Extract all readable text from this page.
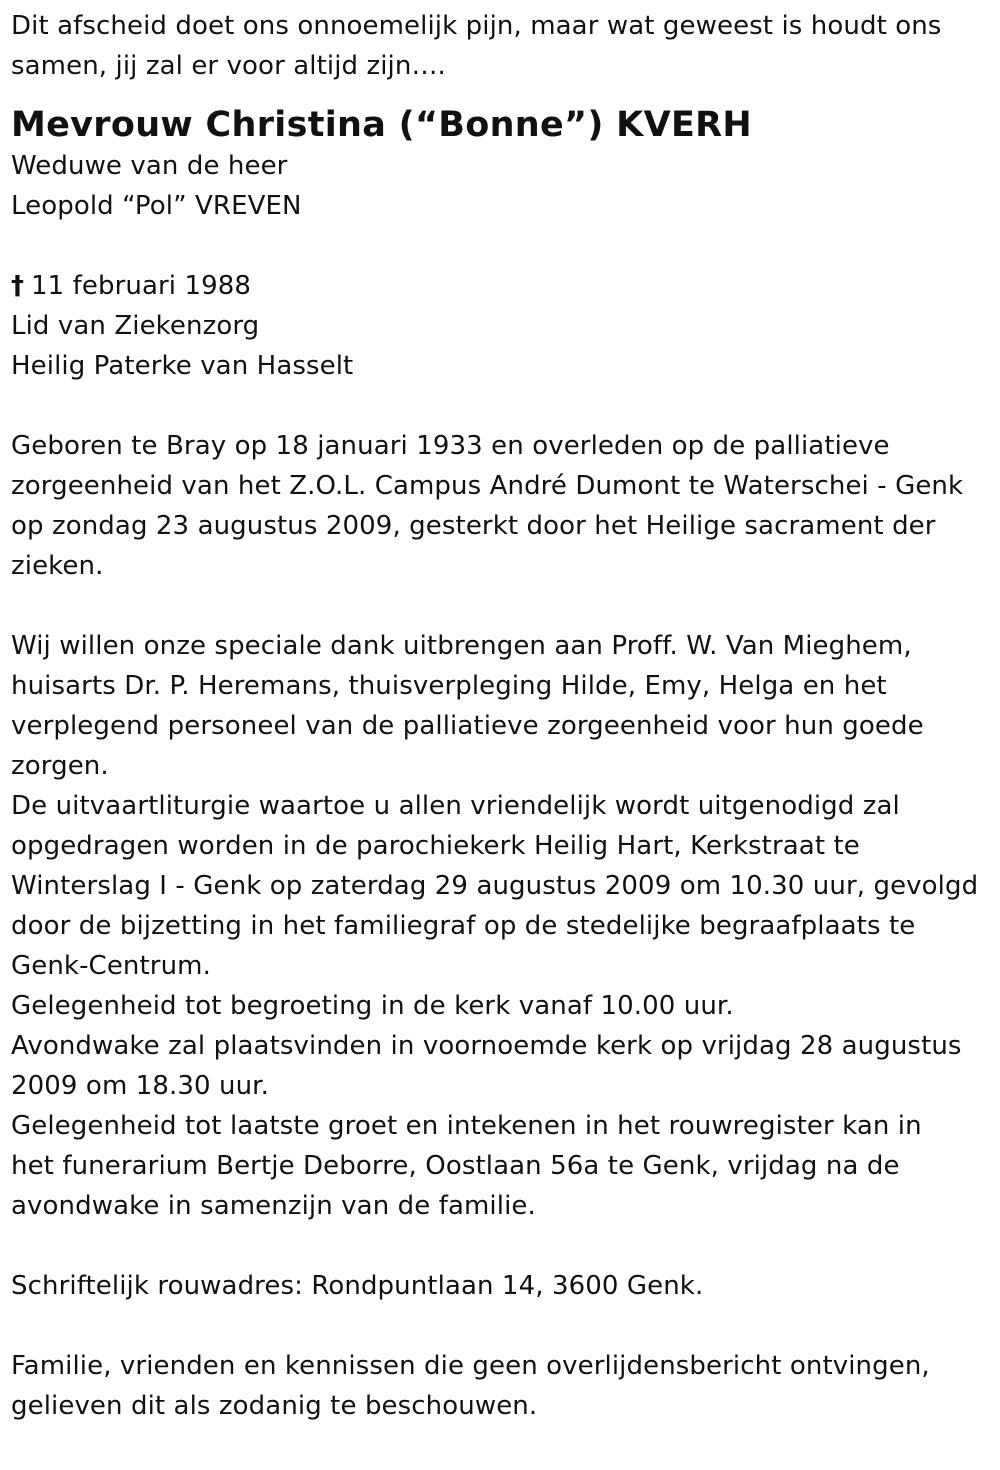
Dit afscheid doet ons onnoemelijk pijn, maar wat geweest is houdt ons
samen, jij zal er voor altijd zijn….
Mevrouw Christina (“Bonne”) KVERH
Weduwe van de heer
Leopold “Pol” VREVEN
† 11 februari 1988
Lid van Ziekenzorg
Heilig Paterke van Hasselt
Geboren te Bray op 18 januari 1933 en overleden op de palliatieve
zorgeenheid van het Z.O.L. Campus André Dumont te Waterschei - Genk
op zondag 23 augustus 2009, gesterkt door het Heilige sacrament der
zieken.
Wij willen onze speciale dank uitbrengen aan Proff. W. Van Mieghem,
huisarts Dr. P. Heremans, thuisverpleging Hilde, Emy, Helga en het
verplegend personeel van de palliatieve zorgeenheid voor hun goede
zorgen.
De uitvaartliturgie waartoe u allen vriendelijk wordt uitgenodigd zal
opgedragen worden in de parochiekerk Heilig Hart, Kerkstraat te
Winterslag I - Genk op zaterdag 29 augustus 2009 om 10.30 uur, gevolgd
door de bijzetting in het familiegraf op de stedelijke begraafplaats te
Genk-Centrum.
Gelegenheid tot begroeting in de kerk vanaf 10.00 uur.
Avondwake zal plaatsvinden in voornoemde kerk op vrijdag 28 augustus
2009 om 18.30 uur.
Gelegenheid tot laatste groet en intekenen in het rouwregister kan in
het funerarium Bertje Deborre, Oostlaan 56a te Genk, vrijdag na de
avondwake in samenzijn van de familie.
Schriftelijk rouwadres: Rondpuntlaan 14, 3600 Genk.
Familie, vrienden en kennissen die geen overlijdensbericht ontvingen,
gelieven dit als zodanig te beschouwen.
